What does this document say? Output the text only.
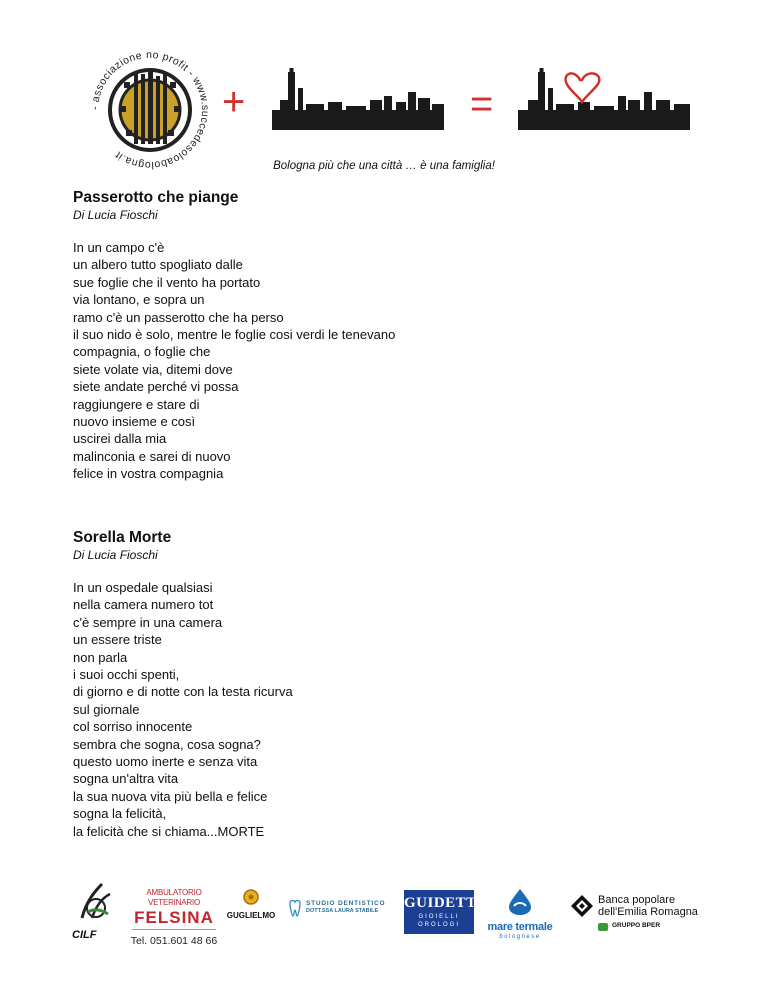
- associazione no profit - www.succedesoloabologna.it
+	=
Bologna più che una città … è una famiglia!
Passerotto che piange
Di Lucia Fioschi
In un campo c'è
un albero tutto spogliato dalle
sue foglie che il vento ha portato
via lontano, e sopra un
ramo c'è un passerotto che ha perso
il suo nido è solo, mentre le foglie cosi verdi le tenevano
compagnia, o foglie che
siete volate via, ditemi dove
siete andate perché vi possa
raggiungere e stare di
nuovo insieme e così
uscirei dalla mia
malinconia e sarei di nuovo
felice in vostra compagnia
Sorella Morte
Di Lucia Fioschi
In un ospedale qualsiasi
nella camera numero tot
c'è sempre in una camera
un essere triste
non parla
i suoi occhi spenti,
di giorno e di notte con la testa ricurva
sul giornale
col sorriso innocente
sembra che sogna, cosa sogna?
questo uomo inerte e senza vita
sogna un'altra vita
la sua nuova vita più bella e felice
sogna la felicità,
la felicità che si chiama...MORTE
CILF
AMBULATORIO VETERINARIO
FELSINA
Tel. 051.601 48 66
GUGLIELMO
STUDIO DENTISTICO
DOTT.SSA LAURA STABILE GUIDETTI
GIOIELLI
OROLOGI	mare termale
bolognese
Banca popolare
dell'Emilia Romagna
GRUPPO BPER
